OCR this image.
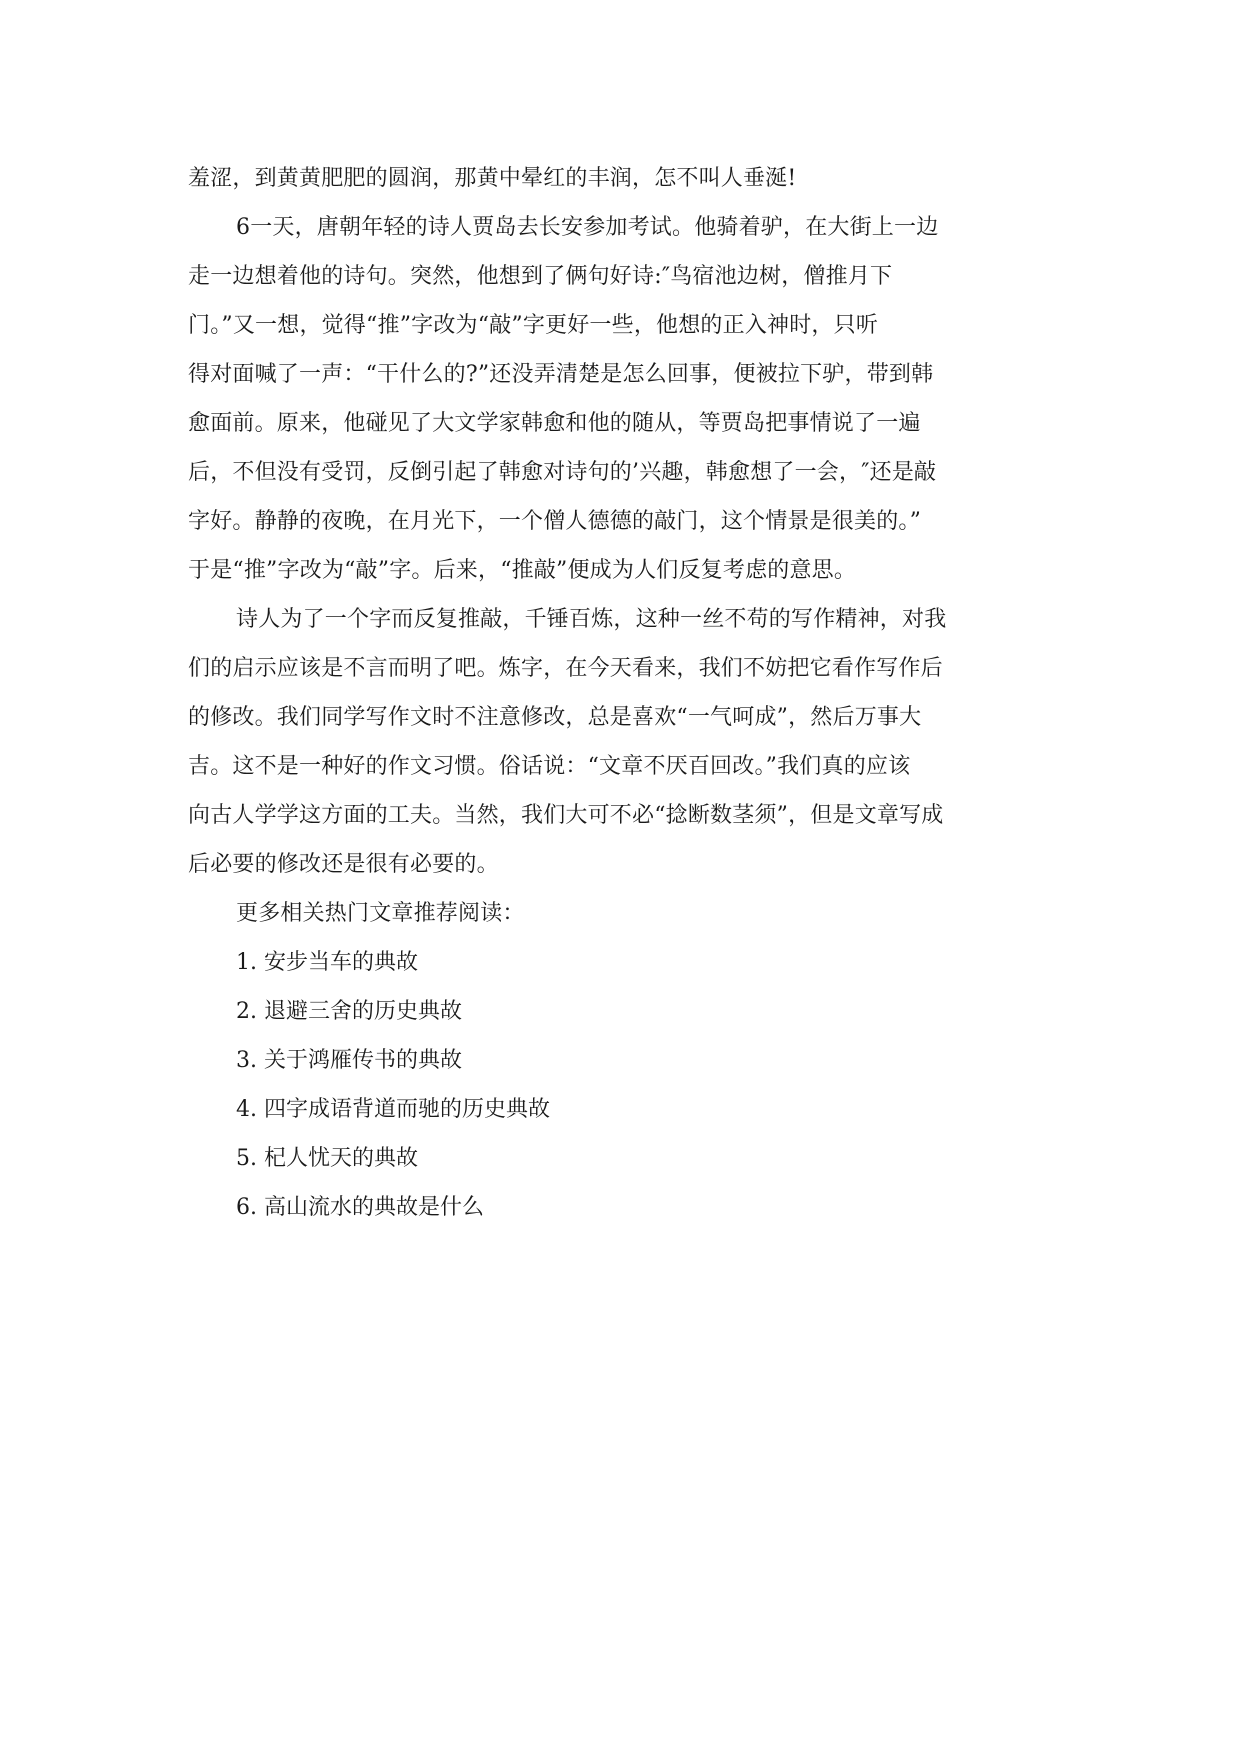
羞涩，到黄黄肥肥的圆润，那黄中晕红的丰润，怎不叫人垂涎!
6一天，唐朝年轻的诗人贾岛去长安参加考试。他骑着驴，在大街上一边
走一边想着他的诗句。突然，他想到了俩句好诗:″鸟宿池边树，僧推月下
门。”又一想，觉得“推”字改为“敲”字更好一些，他想的正入神时，只听
得对面喊了一声：“干什么的?”还没弄清楚是怎么回事，便被拉下驴，带到韩
愈面前。原来，他碰见了大文学家韩愈和他的随从，等贾岛把事情说了一遍
后，不但没有受罚，反倒引起了韩愈对诗句的’兴趣，韩愈想了一会，″还是敲
字好。静静的夜晚，在月光下，一个僧人德德的敲门，这个情景是很美的。”
于是“推”字改为“敲”字。后来，“推敲”便成为人们反复考虑的意思。
诗人为了一个字而反复推敲，千锤百炼，这种一丝不苟的写作精神，对我
们的启示应该是不言而明了吧。炼字，在今天看来，我们不妨把它看作写作后
的修改。我们同学写作文时不注意修改，总是喜欢“一气呵成”，然后万事大
吉。这不是一种好的作文习惯。俗话说：“文章不厌百回改。”我们真的应该
向古人学学这方面的工夫。当然，我们大可不必“捻断数茎须”，但是文章写成
后必要的修改还是很有必要的。
更多相关热门文章推荐阅读：
1. 安步当车的典故
2. 退避三舍的历史典故
3. 关于鸿雁传书的典故
4. 四字成语背道而驰的历史典故
5. 杞人忧天的典故
6. 高山流水的典故是什么
